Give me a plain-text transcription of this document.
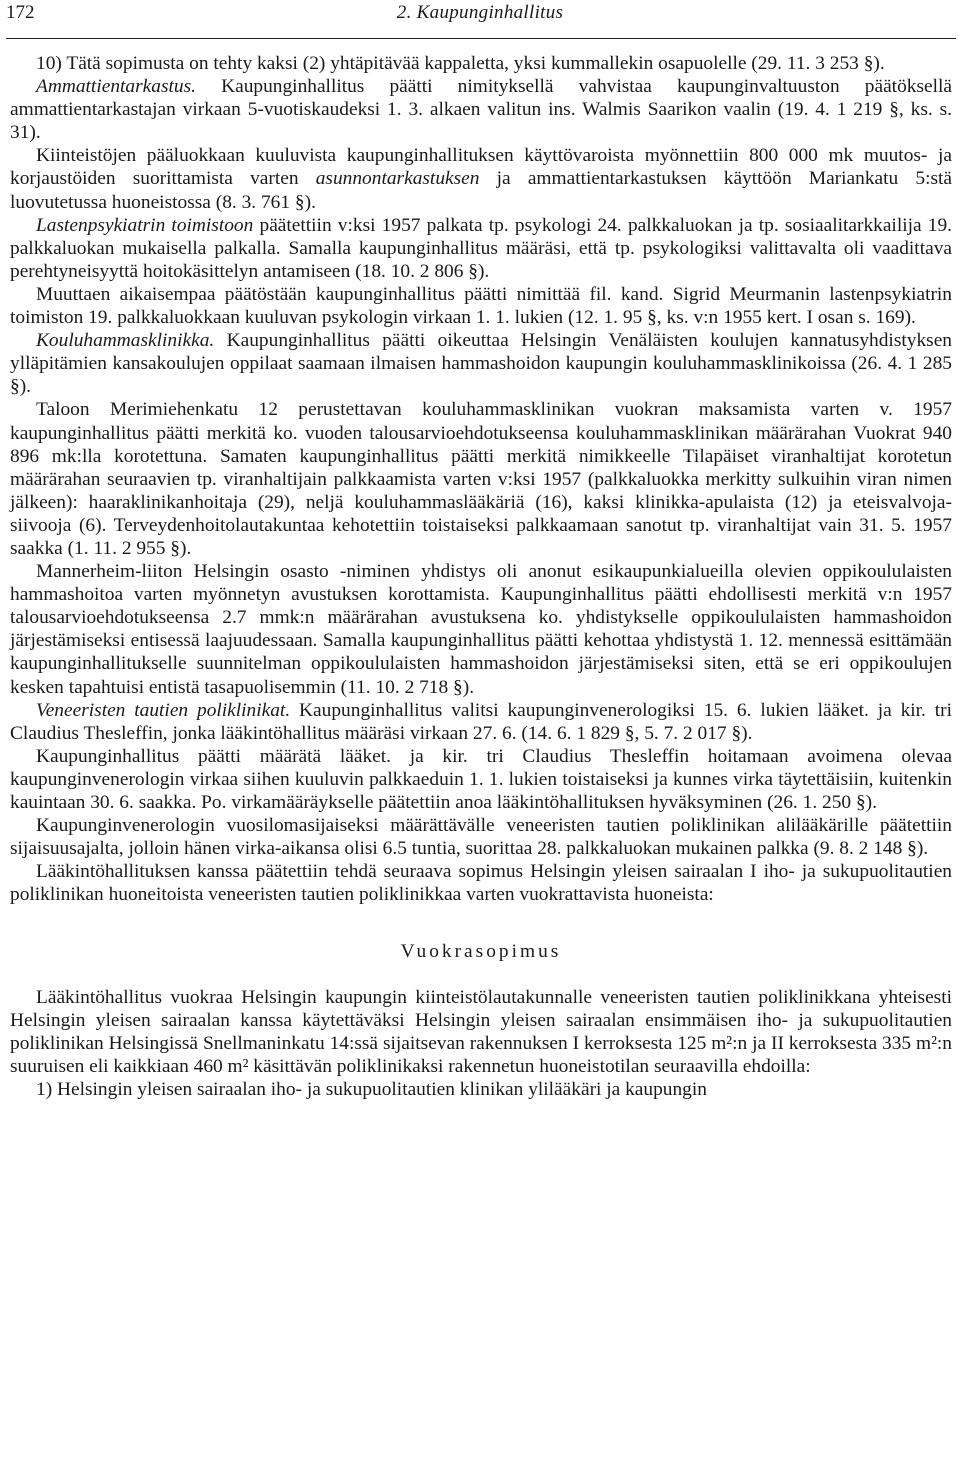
172	2. Kaupunginhallitus

10) Tätä sopimusta on tehty kaksi (2) yhtäpitävää kappaletta, yksi kummallekin osapuolelle (29. 11. 3 253 §).

Ammattientarkastus. Kaupunginhallitus päätti nimityksellä vahvistaa kaupunginvaltuuston päätöksellä ammattientarkastajan virkaan 5-vuotiskaudeksi 1. 3. alkaen valitun ins. Walmis Saarikon vaalin (19. 4. 1 219 §, ks. s. 31).

Kiinteistöjen pääluokkaan kuuluvista kaupunginhallituksen käyttövaroista myönnettiin 800 000 mk muutos- ja korjaustöiden suorittamista varten asunnontarkastuksen ja ammattientarkastuksen käyttöön Mariankatu 5:stä luovutetussa huoneistossa (8. 3. 761 §).

Lastenpsykiatrin toimistoon päätettiin v:ksi 1957 palkata tp. psykologi 24. palkkaluokan ja tp. sosiaalitarkkailija 19. palkkaluokan mukaisella palkalla. Samalla kaupunginhallitus määräsi, että tp. psykologiksi valittavalta oli vaadittava perehtyneisyyttä hoitokäsittelyn antamiseen (18. 10. 2 806 §).

Muuttaen aikaisempaa päätöstään kaupunginhallitus päätti nimittää fil. kand. Sigrid Meurmanin lastenpsykiatrin toimiston 19. palkkaluokkaan kuuluvan psykologin virkaan 1. 1. lukien (12. 1. 95 §, ks. v:n 1955 kert. I osan s. 169).

Kouluhammasklinikka. Kaupunginhallitus päätti oikeuttaa Helsingin Venäläisten koulujen kannatusyhdistyksen ylläpitämien kansakoulujen oppilaat saamaan ilmaisen hammashoidon kaupungin kouluhammasklinikoissa (26. 4. 1 285 §).

Taloon Merimiehenkatu 12 perustettavan kouluhammasklinikan vuokran maksamista varten v. 1957 kaupunginhallitus päätti merkitä ko. vuoden talousarvioehdotukseensa kouluhammasklinikan määrärahan Vuokrat 940 896 mk:lla korotettuna. Samaten kaupunginhallitus päätti merkitä nimikkeelle Tilapäiset viranhaltijat korotetun määrärahan seuraavien tp. viranhaltijain palkkaamista varten v:ksi 1957 (palkkaluokka merkitty sulkuihin viran nimen jälkeen): haaraklinikanhoitaja (29), neljä kouluhammaslääkäriä (16), kaksi klinikka-apulaista (12) ja eteisvalvoja-siivooja (6). Terveydenhoitolautakuntaa kehotettiin toistaiseksi palkkaamaan sanotut tp. viranhaltijat vain 31. 5. 1957 saakka (1. 11. 2 955 §).

Mannerheim-liiton Helsingin osasto -niminen yhdistys oli anonut esikaupunkialueilla olevien oppikoululaisten hammashoitoa varten myönnetyn avustuksen korottamista. Kaupunginhallitus päätti ehdollisesti merkitä v:n 1957 talousarvioehdotukseensa 2.7 mmk:n määrärahan avustuksena ko. yhdistykselle oppikoululaisten hammashoidon järjestämiseksi entisessä laajuudessaan. Samalla kaupunginhallitus päätti kehottaa yhdistystä 1. 12. mennessä esittämään kaupunginhallitukselle suunnitelman oppikoululaisten hammashoidon järjestämiseksi siten, että se eri oppikoulujen kesken tapahtuisi entistä tasapuolisemmin (11. 10. 2 718 §).

Veneeristen tautien poliklinikat. Kaupunginhallitus valitsi kaupunginvenerologiksi 15. 6. lukien lääket. ja kir. tri Claudius Thesleffin, jonka lääkintöhallitus määräsi virkaan 27. 6. (14. 6. 1 829 §, 5. 7. 2 017 §).

Kaupunginhallitus päätti määrätä lääket. ja kir. tri Claudius Thesleffin hoitamaan avoimena olevaa kaupunginvenerologin virkaa siihen kuuluvin palkkaeduin 1. 1. lukien toistaiseksi ja kunnes virka täytettäisiin, kuitenkin kauintaan 30. 6. saakka. Po. virkamääräykselle päätettiin anoa lääkintöhallituksen hyväksyminen (26. 1. 250 §).

Kaupunginvenerologin vuosilomasijaiseksi määrättävälle veneeristen tautien poliklinikan alilääkärille päätettiin sijaisuusajalta, jolloin hänen virka-aikansa olisi 6.5 tuntia, suorittaa 28. palkkaluokan mukainen palkka (9. 8. 2 148 §).

Lääkintöhallituksen kanssa päätettiin tehdä seuraava sopimus Helsingin yleisen sairaalan I iho- ja sukupuolitautien poliklinikan huoneitoista veneeristen tautien poliklinikkaa varten vuokrattavista huoneista:

Vuokrasopimus

Lääkintöhallitus vuokraa Helsingin kaupungin kiinteistölautakunnalle veneeristen tautien poliklinikkana yhteisesti Helsingin yleisen sairaalan kanssa käytettäväksi Helsingin yleisen sairaalan ensimmäisen iho- ja sukupuolitautien poliklinikan Helsingissä Snellmaninkatu 14:ssä sijaitsevan rakennuksen I kerroksesta 125 m²:n ja II kerroksesta 335 m²:n suuruisen eli kaikkiaan 460 m² käsittävän poliklinikaksi rakennetun huoneistotilan seuraavilla ehdoilla:

1) Helsingin yleisen sairaalan iho- ja sukupuolitautien klinikan ylilääkäri ja kaupungin
